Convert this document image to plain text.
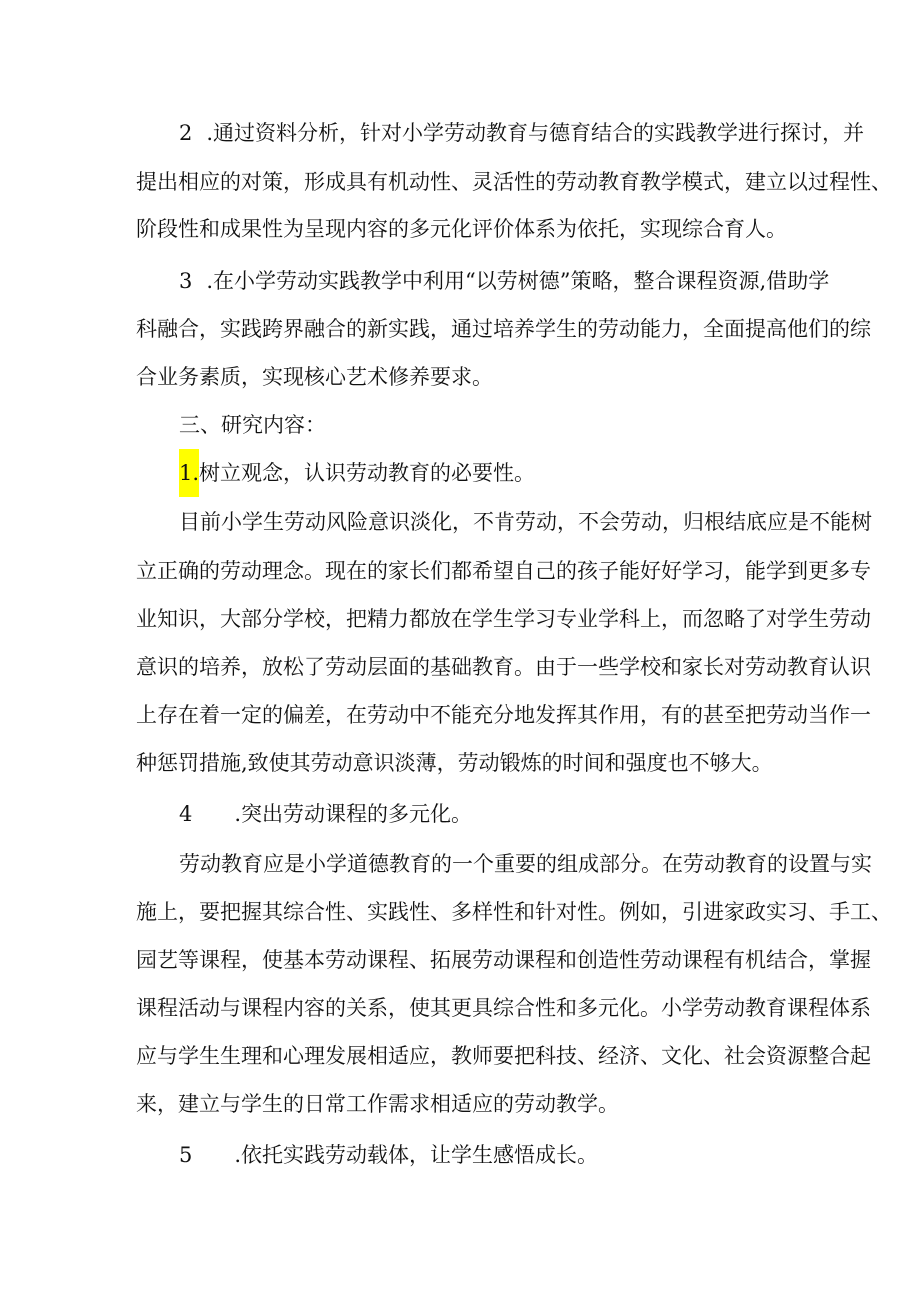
2 .通过资料分析，针对小学劳动教育与德育结合的实践教学进行探讨，并
提出相应的对策，形成具有机动性、灵活性的劳动教育教学模式，建立以过程性、
阶段性和成果性为呈现内容的多元化评价体系为依托，实现综合育人。
3 .在小学劳动实践教学中利用“以劳树德”策略，整合课程资源,借助学
科融合，实践跨界融合的新实践，通过培养学生的劳动能力，全面提高他们的综
合业务素质，实现核心艺术修养要求。
三、研究内容：
1.树立观念，认识劳动教育的必要性。
目前小学生劳动风险意识淡化，不肯劳动，不会劳动，归根结底应是不能树
立正确的劳动理念。现在的家长们都希望自己的孩子能好好学习，能学到更多专
业知识，大部分学校，把精力都放在学生学习专业学科上，而忽略了对学生劳动
意识的培养，放松了劳动层面的基础教育。由于一些学校和家长对劳动教育认识
上存在着一定的偏差，在劳动中不能充分地发挥其作用，有的甚至把劳动当作一
种惩罚措施,致使其劳动意识淡薄，劳动锻炼的时间和强度也不够大。
4 .突出劳动课程的多元化。
劳动教育应是小学道德教育的一个重要的组成部分。在劳动教育的设置与实
施上，要把握其综合性、实践性、多样性和针对性。例如，引进家政实习、手工、
园艺等课程，使基本劳动课程、拓展劳动课程和创造性劳动课程有机结合，掌握
课程活动与课程内容的关系，使其更具综合性和多元化。小学劳动教育课程体系
应与学生生理和心理发展相适应，教师要把科技、经济、文化、社会资源整合起
来，建立与学生的日常工作需求相适应的劳动教学。
5 .依托实践劳动载体，让学生感悟成长。
